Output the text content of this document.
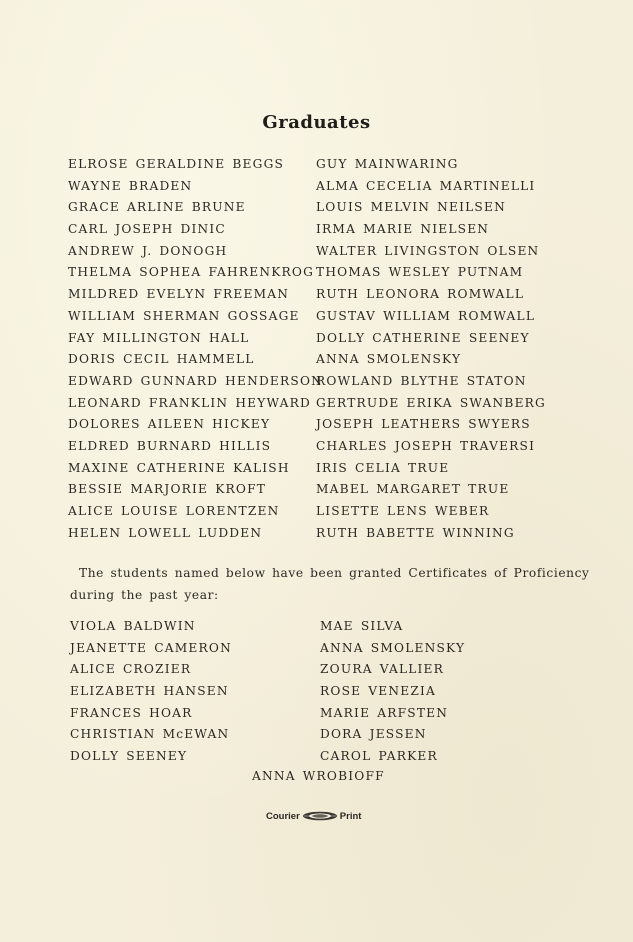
Graduates
ELROSE GERALDINE BEGGS
WAYNE BRADEN
GRACE ARLINE BRUNE
CARL JOSEPH DINIC
ANDREW J. DONOGH
THELMA SOPHEA FAHRENKROG
MILDRED EVELYN FREEMAN
WILLIAM SHERMAN GOSSAGE
FAY MILLINGTON HALL
DORIS CECIL HAMMELL
EDWARD GUNNARD HENDERSON
LEONARD FRANKLIN HEYWARD
DOLORES AILEEN HICKEY
ELDRED BURNARD HILLIS
MAXINE CATHERINE KALISH
BESSIE MARJORIE KROFT
ALICE LOUISE LORENTZEN
HELEN LOWELL LUDDEN
GUY MAINWARING
ALMA CECELIA MARTINELLI
LOUIS MELVIN NEILSEN
IRMA MARIE NIELSEN
WALTER LIVINGSTON OLSEN
THOMAS WESLEY PUTNAM
RUTH LEONORA ROMWALL
GUSTAV WILLIAM ROMWALL
DOLLY CATHERINE SEENEY
ANNA SMOLENSKY
ROWLAND BLYTHE STATON
GERTRUDE ERIKA SWANBERG
JOSEPH LEATHERS SWYERS
CHARLES JOSEPH TRAVERSI
IRIS CELIA TRUE
MABEL MARGARET TRUE
LISETTE LENS WEBER
RUTH BABETTE WINNING
The students named below have been granted Certificates of Proficiency
during the past year:
VIOLA BALDWIN
JEANETTE CAMERON
ALICE CROZIER
ELIZABETH HANSEN
FRANCES HOAR
CHRISTIAN McEWAN
DOLLY SEENEY
MAE SILVA
ANNA SMOLENSKY
ZOURA VALLIER
ROSE VENEZIA
MARIE ARFSTEN
DORA JESSEN
CAROL PARKER
ANNA WROBIOFF
Courier	Print
